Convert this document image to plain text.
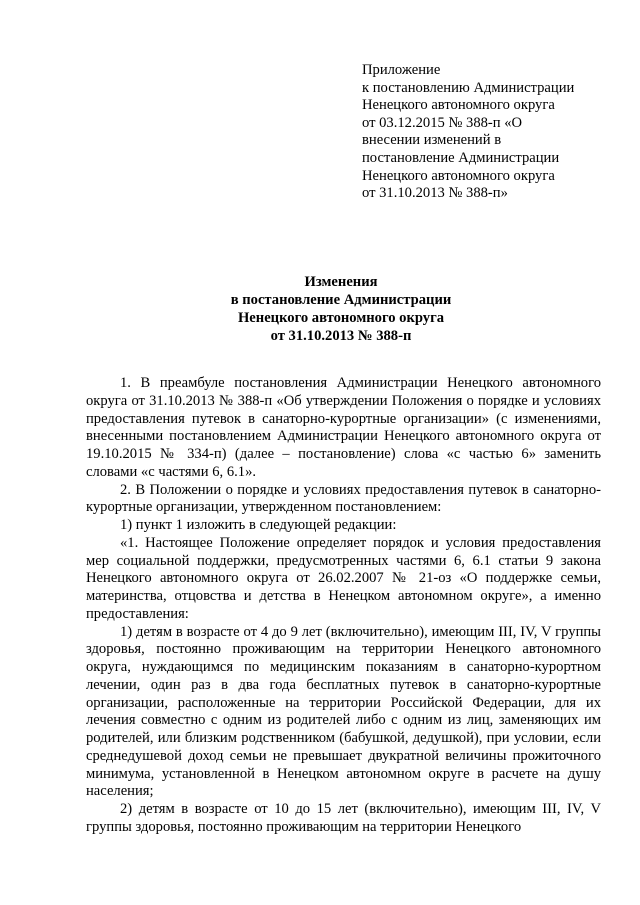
Приложение
к постановлению Администрации
Ненецкого автономного округа
от 03.12.2015 № 388-п «О
внесении изменений в
постановление Администрации
Ненецкого автономного округа
от 31.10.2013 № 388-п»
Изменения
в постановление Администрации
Ненецкого автономного округа
от 31.10.2013 № 388-п

1. В преамбуле постановления Администрации Ненецкого автономного округа от 31.10.2013 № 388-п «Об утверждении Положения о порядке и условиях предоставления путевок в санаторно-курортные организации» (с изменениями, внесенными постановлением Администрации Ненецкого автономного округа от 19.10.2015 № 334-п) (далее – постановление) слова «с частью 6» заменить словами «с частями 6, 6.1».

2. В Положении о порядке и условиях предоставления путевок в санаторно-курортные организации, утвержденном постановлением:

1) пункт 1 изложить в следующей редакции:

«1. Настоящее Положение определяет порядок и условия предоставления мер социальной поддержки, предусмотренных частями 6, 6.1 статьи 9 закона Ненецкого автономного округа от 26.02.2007 № 21-оз «О поддержке семьи, материнства, отцовства и детства в Ненецком автономном округе», а именно предоставления:

1) детям в возрасте от 4 до 9 лет (включительно), имеющим III, IV, V группы здоровья, постоянно проживающим на территории Ненецкого автономного округа, нуждающимся по медицинским показаниям в санаторно-курортном лечении, один раз в два года бесплатных путевок в санаторно-курортные организации, расположенные на территории Российской Федерации, для их лечения совместно с одним из родителей либо с одним из лиц, заменяющих им родителей, или близким родственником (бабушкой, дедушкой), при условии, если среднедушевой доход семьи не превышает двукратной величины прожиточного минимума, установленной в Ненецком автономном округе в расчете на душу населения;

2) детям в возрасте от 10 до 15 лет (включительно), имеющим III, IV, V группы здоровья, постоянно проживающим на территории Ненецкого
